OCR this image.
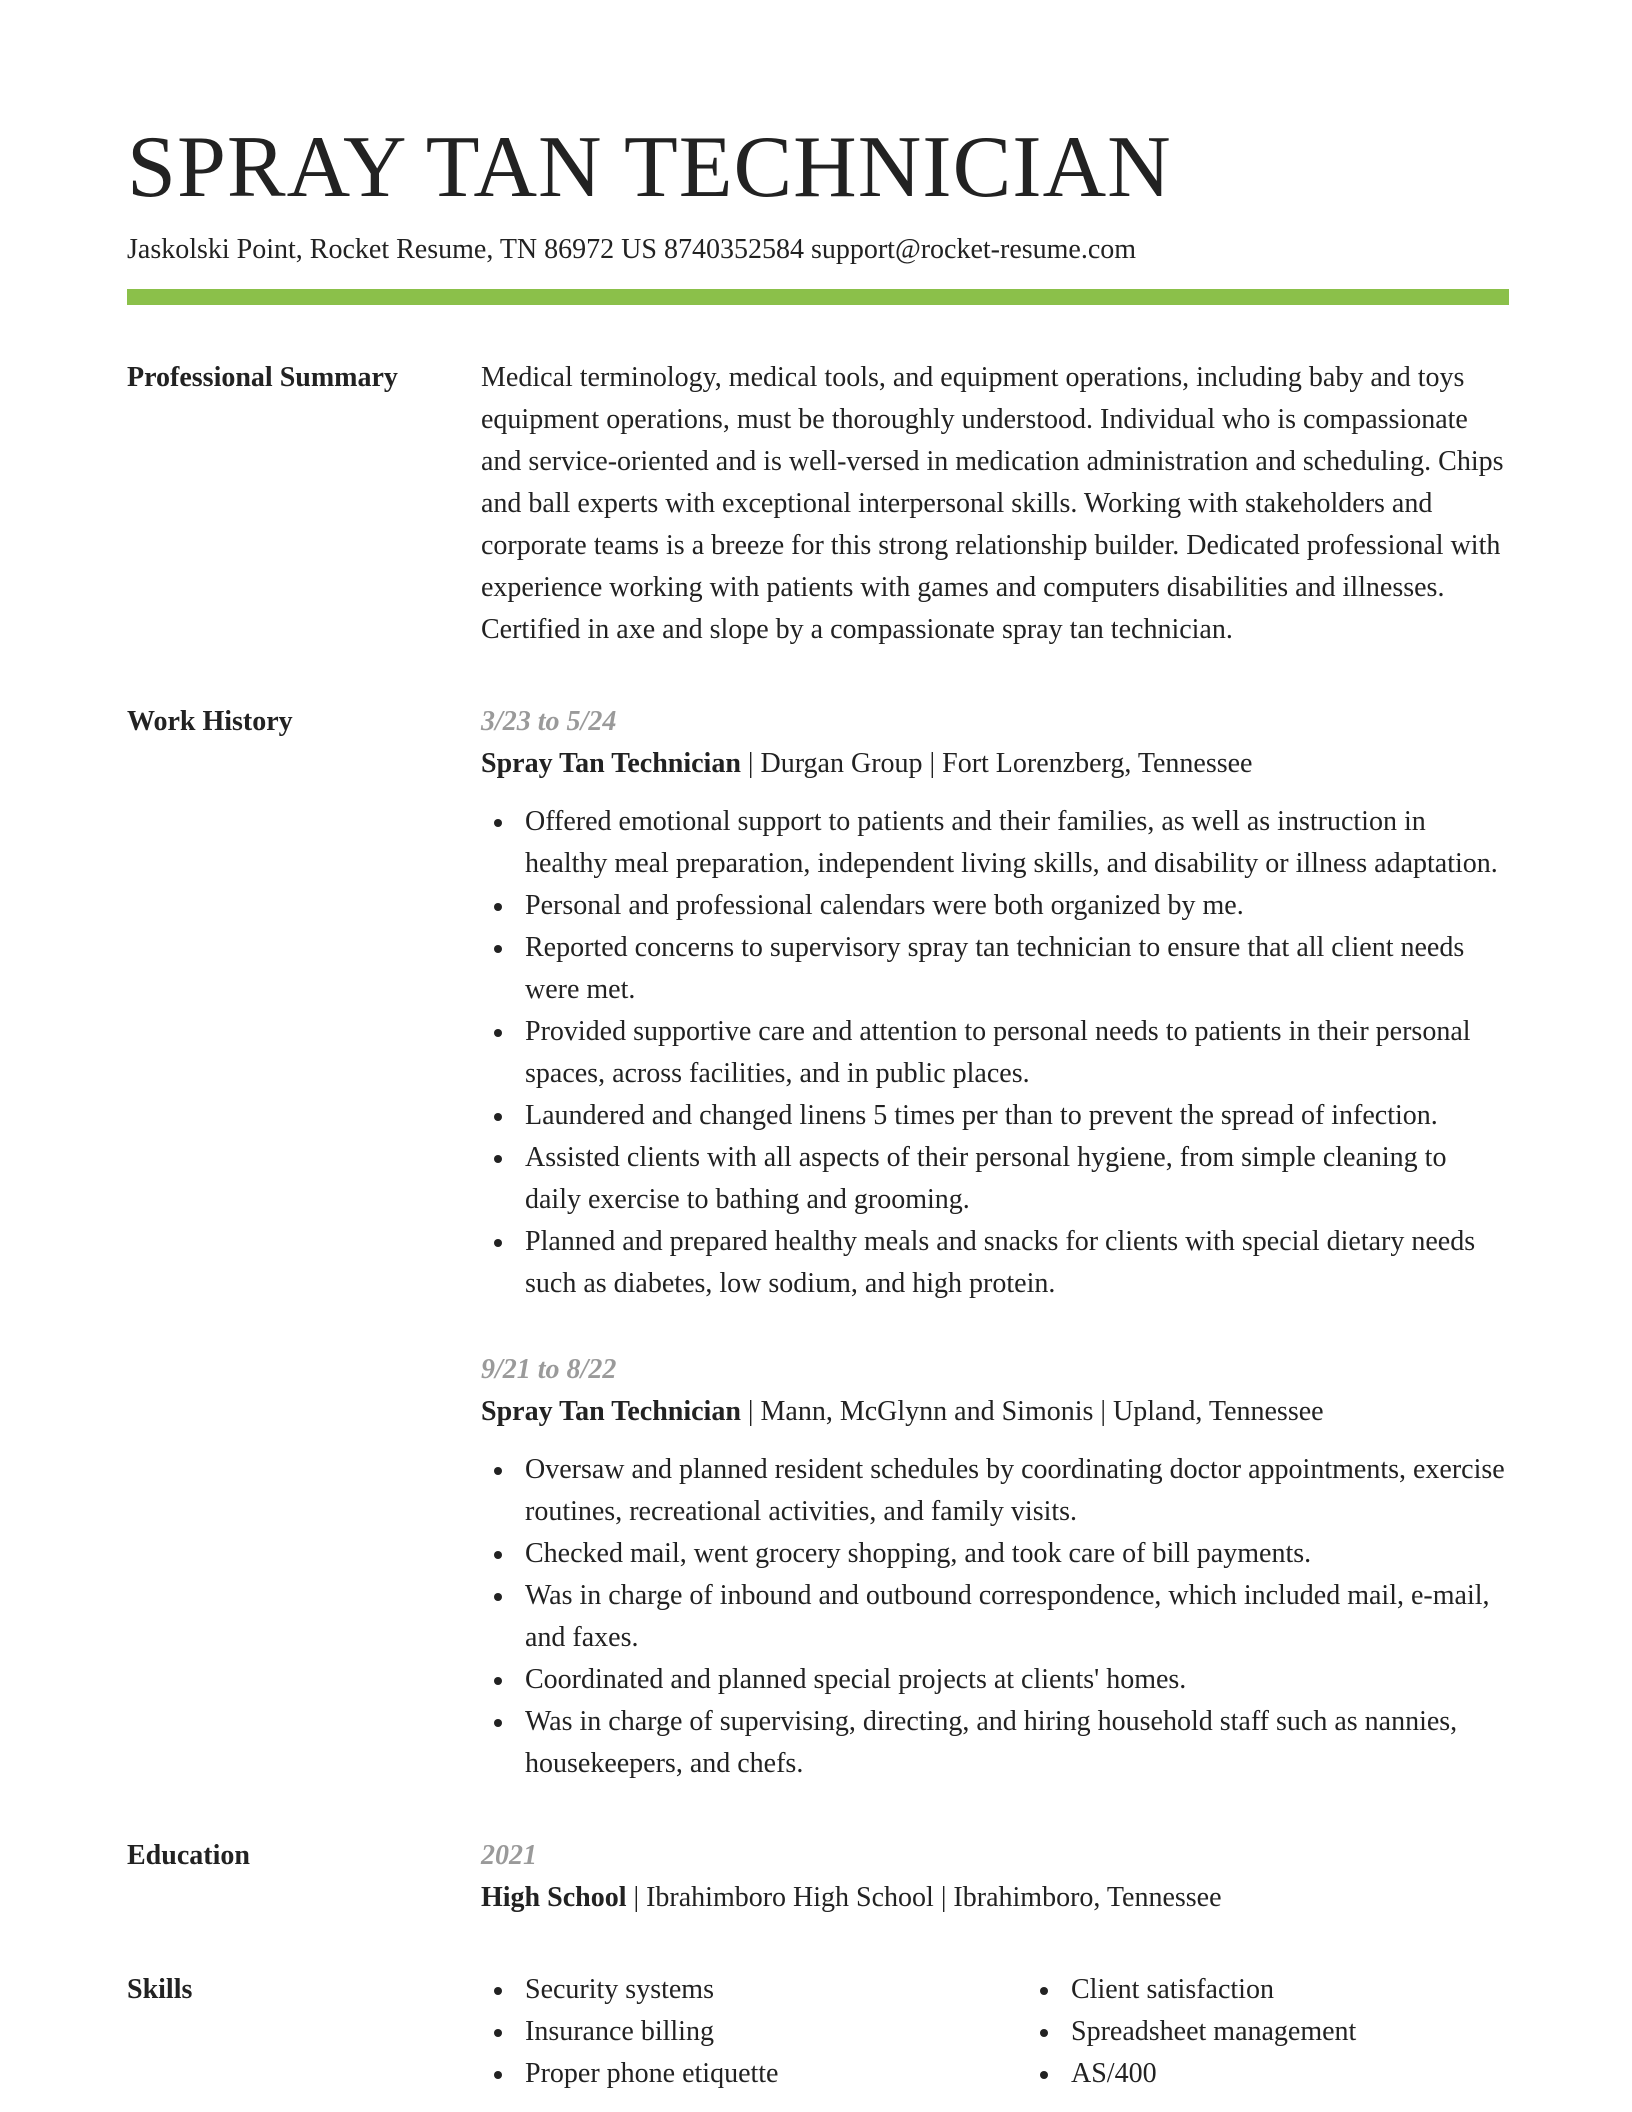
SPRAY TAN TECHNICIAN
Jaskolski Point, Rocket Resume, TN 86972 US 8740352584 support@rocket-resume.com
Professional Summary	Medical terminology, medical tools, and equipment operations, including baby and toys equipment operations, must be thoroughly understood. Individual who is compassionate and service-oriented and is well-versed in medication administration and scheduling. Chips and ball experts with exceptional interpersonal skills. Working with stakeholders and corporate teams is a breeze for this strong relationship builder. Dedicated professional with experience working with patients with games and computers disabilities and illnesses. Certified in axe and slope by a compassionate spray tan technician.

Work History	3/23 to 5/24
Spray Tan Technician | Durgan Group | Fort Lorenzberg, Tennessee
Offered emotional support to patients and their families, as well as instruction in healthy meal preparation, independent living skills, and disability or illness adaptation.
Personal and professional calendars were both organized by me.
Reported concerns to supervisory spray tan technician to ensure that all client needs were met.
Provided supportive care and attention to personal needs to patients in their personal spaces, across facilities, and in public places.
Laundered and changed linens 5 times per than to prevent the spread of infection.
Assisted clients with all aspects of their personal hygiene, from simple cleaning to daily exercise to bathing and grooming.
Planned and prepared healthy meals and snacks for clients with special dietary needs such as diabetes, low sodium, and high protein.
9/21 to 8/22
Spray Tan Technician | Mann, McGlynn and Simonis | Upland, Tennessee
Oversaw and planned resident schedules by coordinating doctor appointments, exercise routines, recreational activities, and family visits.
Checked mail, went grocery shopping, and took care of bill payments.
Was in charge of inbound and outbound correspondence, which included mail, e-mail, and faxes.
Coordinated and planned special projects at clients' homes.
Was in charge of supervising, directing, and hiring household staff such as nannies, housekeepers, and chefs.
Education	2021
High School | Ibrahimboro High School | Ibrahimboro, Tennessee
Skills	Security systems
Insurance billing
Proper phone etiquette
Client satisfaction
Spreadsheet management
AS/400
